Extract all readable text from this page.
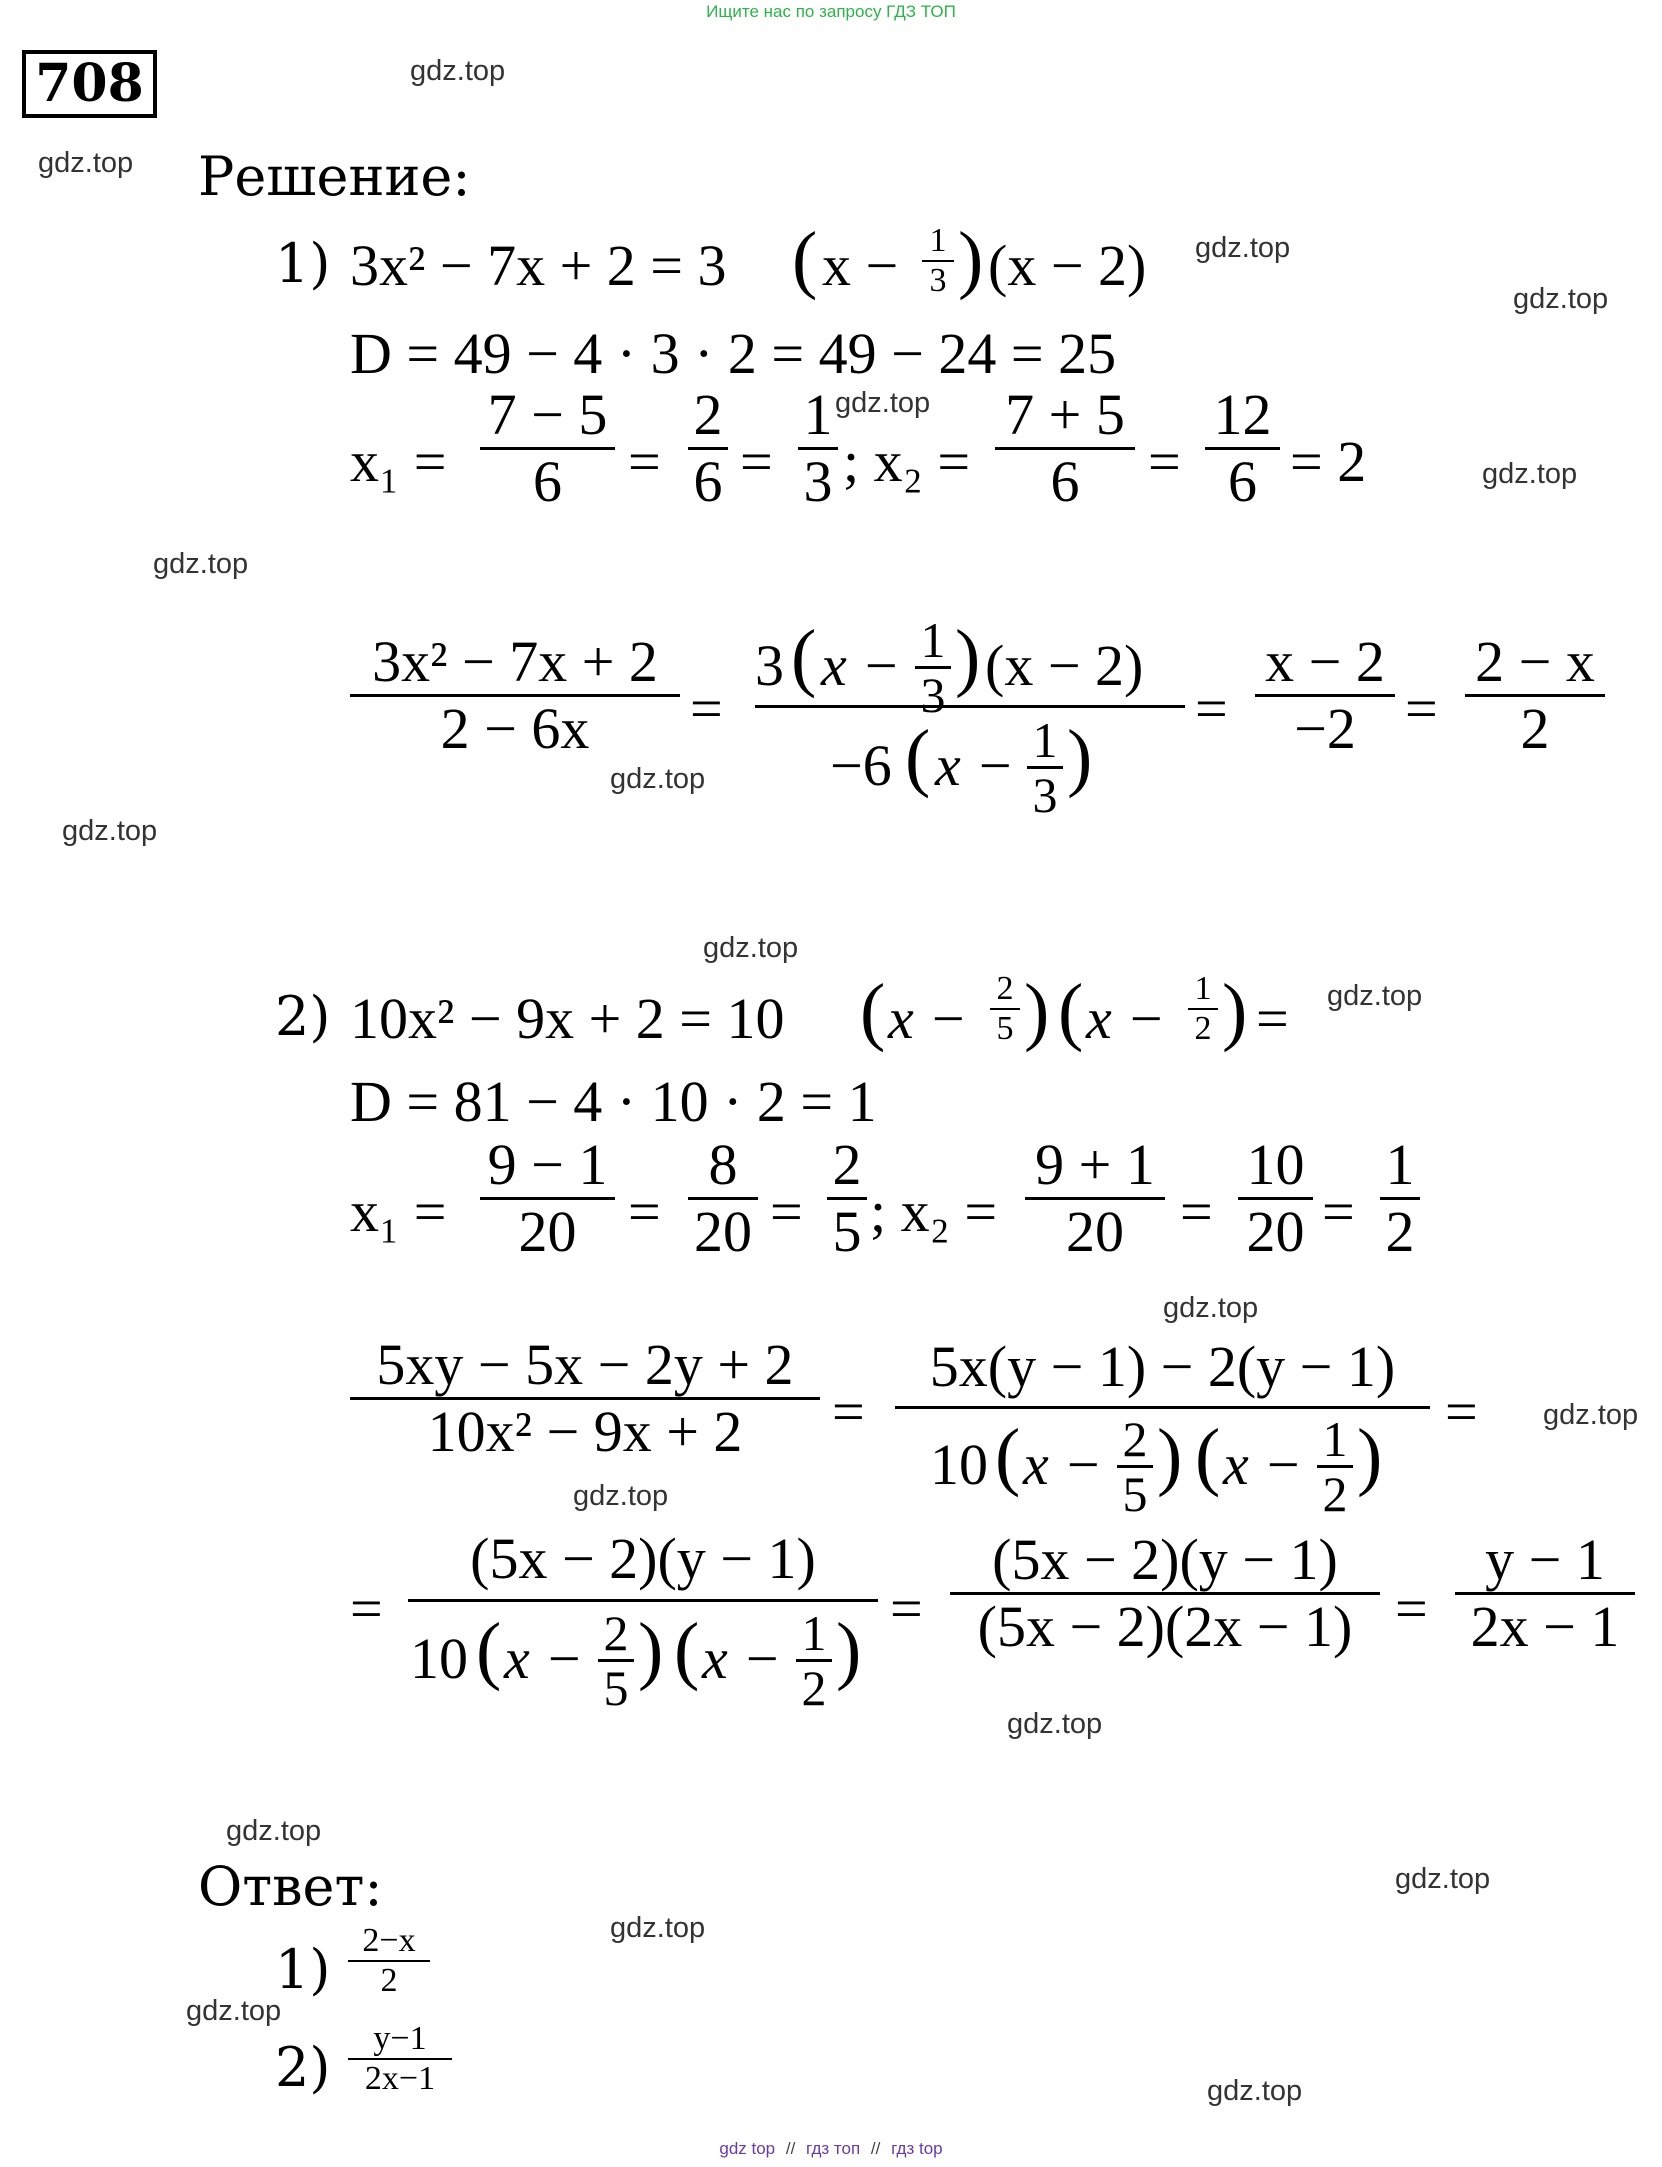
Ищите нас по запросу ГДЗ ТОП
708
Решение:
1) 3x² − 7x + 2 = 3 ( x − 1
3 ) (x − 2)
D = 49 − 4 · 3 · 2 = 49 − 24 = 25
x₁ =
7 − 5
6	=
2
6 =
1
3 ; x₂ =
7 + 5
6	=
12
6 = 2
3x² − 7x + 2
2 − 6x	=
3 ( x − 1
3 ) (x − 2)
−6 ( x − 1
3 )
=
x − 2
−2 =
2 − x
2
2) 10x² − 9x + 2 = 10 ( x − 2
5 ) ( x − 1
2 ) =
D = 81 − 4 · 10 · 2 = 1
x₁ =
9 − 1
20 =
8
20 =
2
5 ; x₂ =
9 + 1
20 =
10
20 =
1
2
5xy − 5x − 2y + 2
10x² − 9x + 2	=
5x(y − 1) − 2(y − 1)
10 ( x − 2
5 ) ( x − 1
2 )
=
=
(5x − 2)(y − 1)
10 ( x − 2
5 ) ( x − 1
2 ) =
(5x − 2)(y − 1)
(5x − 2)(2x − 1) =
y − 1
2x − 1
Ответ:
1) 2−x
2
2)	y−1
2x−1
gdz.top
gdz.top
gdz.top
gdz.top
gdz.top
gdz.top
gdz.top
gdz.top
gdz.top
gdz.top
gdz.top
gdz.top
gdz.top
gdz.top
gdz.top
gdz.top
gdz.top
gdz.top
gdz.top
gdz.top
gdz top // гдз топ // гдз top
